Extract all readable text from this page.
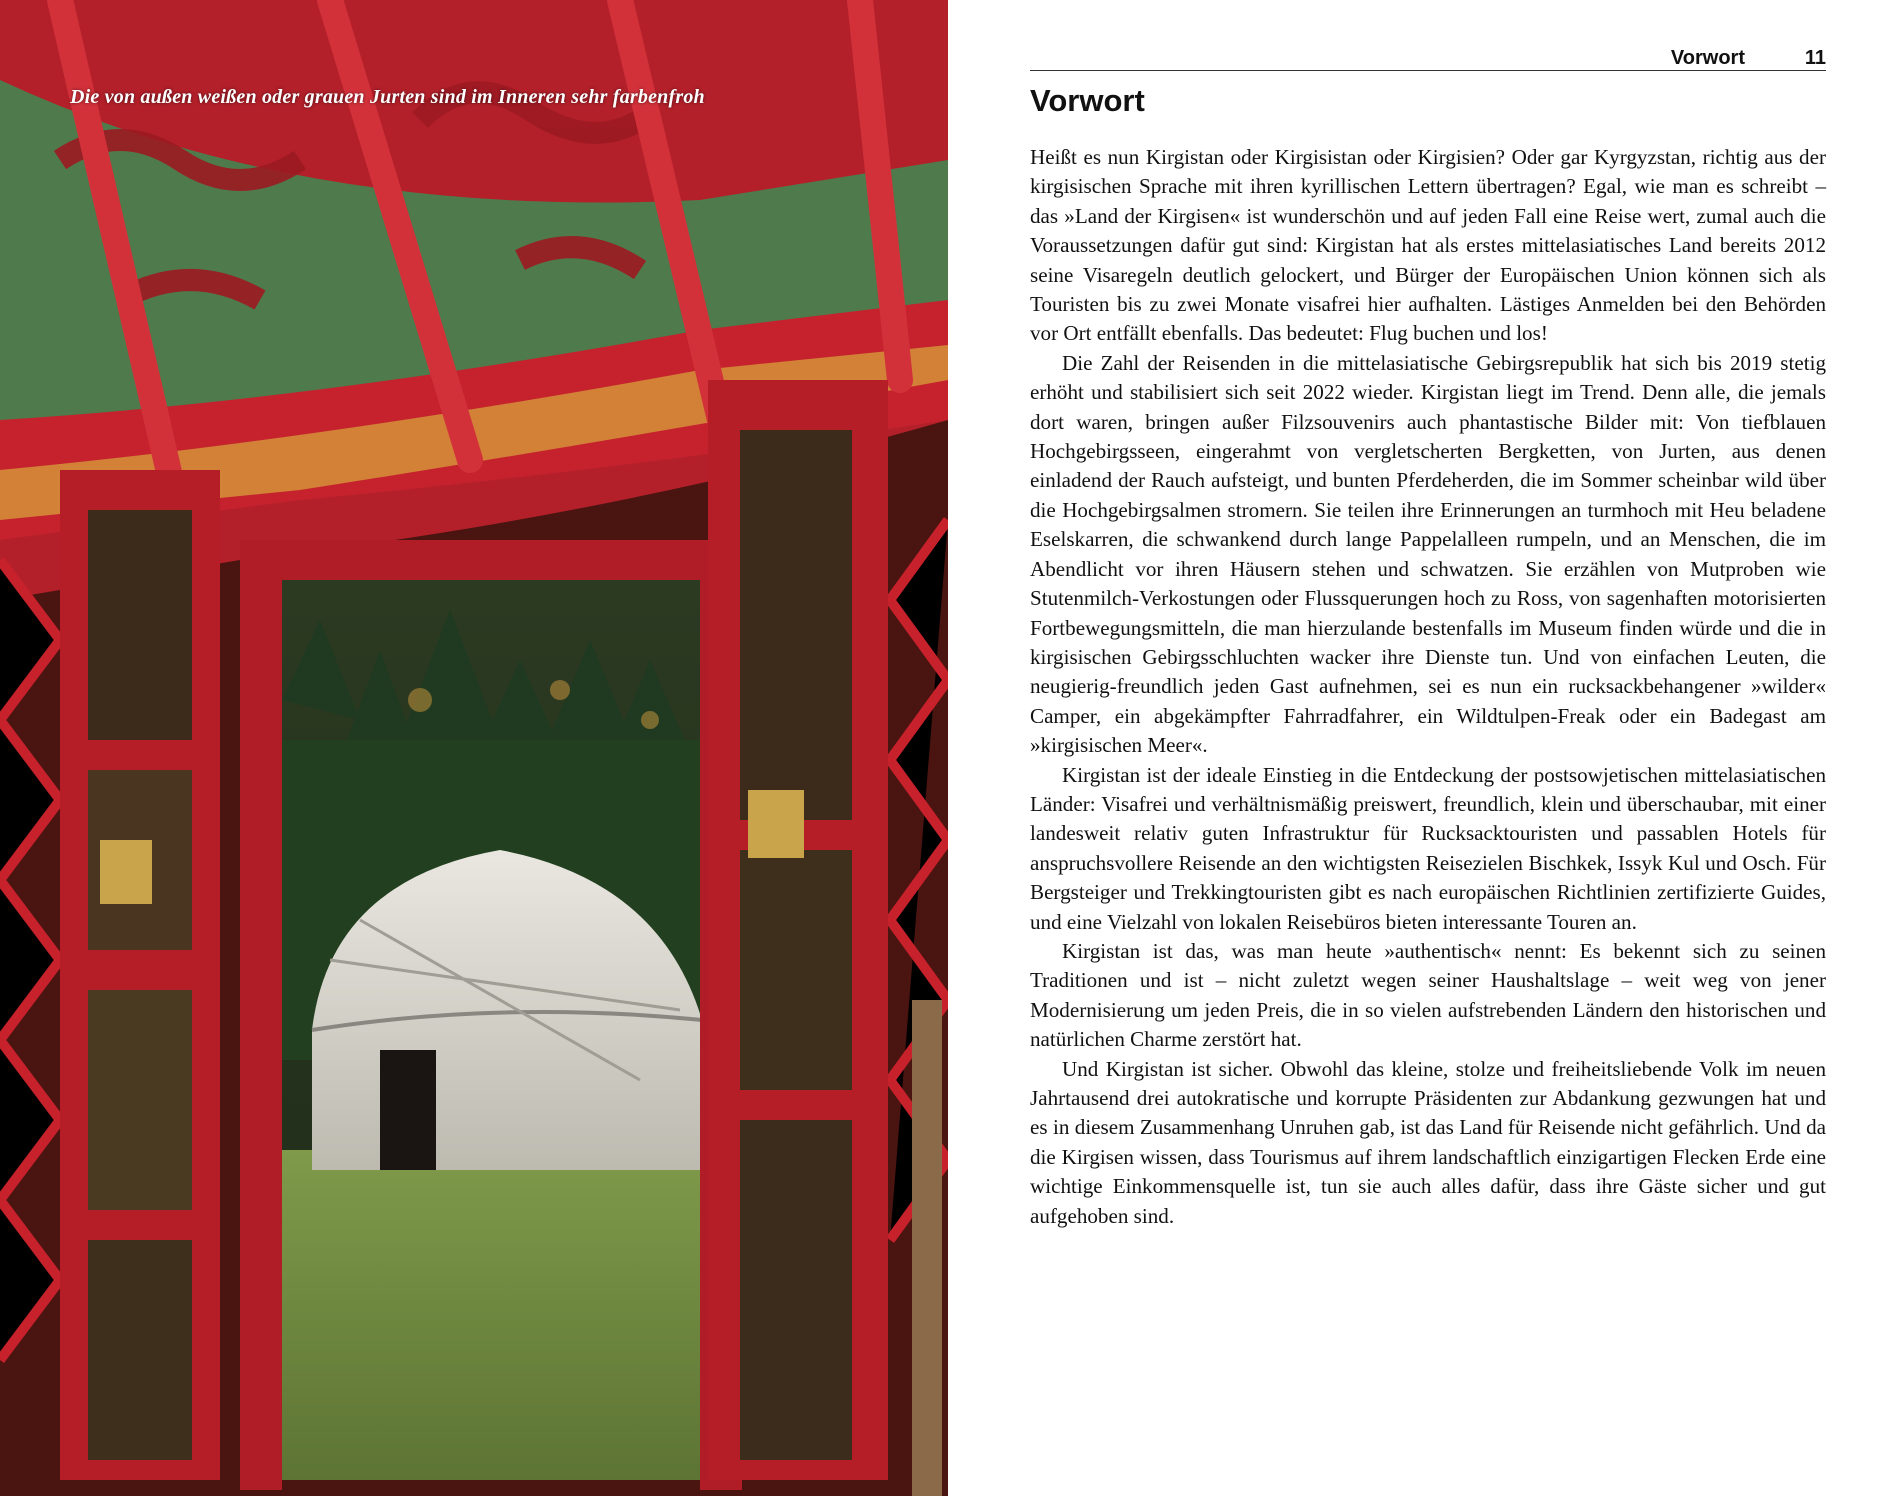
Die von außen weißen oder grauen Jurten sind im Inneren sehr farbenfroh
Vorwort	11
Vorwort

Heißt es nun Kirgistan oder Kirgisistan oder Kirgisien? Oder gar Kyrgyzstan, richtig aus der kirgisischen Sprache mit ihren kyrillischen Lettern übertragen? Egal, wie man es schreibt – das »Land der Kirgisen« ist wunderschön und auf jeden Fall eine Reise wert, zumal auch die Voraussetzungen dafür gut sind: Kirgistan hat als erstes mittelasiatisches Land bereits 2012 seine Visaregeln deutlich gelockert, und Bürger der Europäischen Union können sich als Touristen bis zu zwei Monate visafrei hier aufhalten. Lästiges Anmelden bei den Behörden vor Ort entfällt ebenfalls. Das bedeutet: Flug buchen und los!

Die Zahl der Reisenden in die mittelasiatische Gebirgsrepublik hat sich bis 2019 stetig erhöht und stabilisiert sich seit 2022 wieder. Kirgistan liegt im Trend. Denn alle, die jemals dort waren, bringen außer Filzsouvenirs auch phantastische Bilder mit: Von tiefblauen Hochgebirgsseen, eingerahmt von vergletscherten Bergketten, von Jurten, aus denen einladend der Rauch aufsteigt, und bunten Pferdeherden, die im Sommer scheinbar wild über die Hochgebirgsalmen stromern. Sie teilen ihre Erinnerungen an turmhoch mit Heu beladene Eselskarren, die schwankend durch lange Pappelalleen rumpeln, und an Menschen, die im Abendlicht vor ihren Häusern stehen und schwatzen. Sie erzählen von Mutproben wie Stutenmilch-Verkostungen oder Flussquerungen hoch zu Ross, von sagenhaften motorisierten Fortbewegungsmitteln, die man hierzulande bestenfalls im Museum finden würde und die in kirgisischen Gebirgsschluchten wacker ihre Dienste tun. Und von einfachen Leuten, die neugierig-freundlich jeden Gast aufnehmen, sei es nun ein rucksackbehangener »wilder« Camper, ein abgekämpfter Fahrradfahrer, ein Wildtulpen-Freak oder ein Badegast am »kirgisischen Meer«.

Kirgistan ist der ideale Einstieg in die Entdeckung der postsowjetischen mittelasiatischen Länder: Visafrei und verhältnismäßig preiswert, freundlich, klein und überschaubar, mit einer landesweit relativ guten Infrastruktur für Rucksacktouristen und passablen Hotels für anspruchsvollere Reisende an den wichtigsten Reisezielen Bischkek, Issyk Kul und Osch. Für Bergsteiger und Trekkingtouristen gibt es nach europäischen Richtlinien zertifizierte Guides, und eine Vielzahl von lokalen Reisebüros bieten interessante Touren an.

Kirgistan ist das, was man heute »authentisch« nennt: Es bekennt sich zu seinen Traditionen und ist – nicht zuletzt wegen seiner Haushaltslage – weit weg von jener Modernisierung um jeden Preis, die in so vielen aufstrebenden Ländern den historischen und natürlichen Charme zerstört hat.

Und Kirgistan ist sicher. Obwohl das kleine, stolze und freiheitsliebende Volk im neuen Jahrtausend drei autokratische und korrupte Präsidenten zur Abdankung gezwungen hat und es in diesem Zusammenhang Unruhen gab, ist das Land für Reisende nicht gefährlich. Und da die Kirgisen wissen, dass Tourismus auf ihrem landschaftlich einzigartigen Flecken Erde eine wichtige Einkommensquelle ist, tun sie auch alles dafür, dass ihre Gäste sicher und gut aufgehoben sind.
